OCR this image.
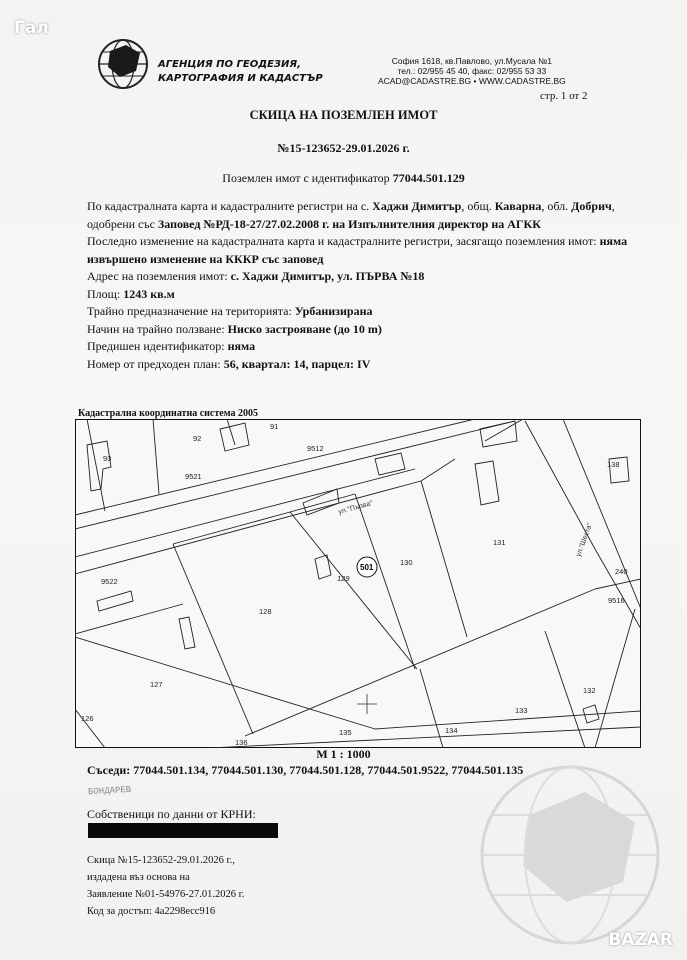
Гал
АГЕНЦИЯ ПО ГЕОДЕЗИЯ,
КАРТОГРАФИЯ И КАДАСТЪР
София 1618, кв.Павлово, ул.Мусала №1
тел.: 02/955 45 40, факс: 02/955 53 33
ACAD@CADASTRE.BG • WWW.CADASTRE.BG
стр. 1 от 2
СКИЦА НА ПОЗЕМЛЕН ИМОТ
№15-123652-29.01.2026 г.
Поземлен имот с идентификатор 77044.501.129

По кадастралната карта и кадастралните регистри на с. Хаджи Димитър, общ. Каварна, обл. Добрич, одобрени със Заповед №РД-18-27/27.02.2008 г. на Изпълнителния директор на АГКК

Последно изменение на кадастралната карта и кадастралните регистри, засягащо поземления имот: няма извършено изменение на КККР със заповед

Адрес на поземления имот: с. Хаджи Димитър, ул. ПЪРВА №18

Площ: 1243 кв.м

Трайно предназначение на територията: Урбанизирана

Начин на трайно ползване: Ниско застрояване (до 10 m)

Предишен идентификатор: няма

Номер от предходен план: 56, квартал: 14, парцел: IV

Кадастрална координатна система 2005
ул."Първа"
ул."Шеста"
501
93
92
91
9521
9512
9522
128
127
129
130
131
138
240
9516
132
133
134
135
136
126
М 1 : 1000
Съседи: 77044.501.134, 77044.501.130, 77044.501.128, 77044.501.9522, 77044.501.135
БОНДАРЕВ
Собственици по данни от КРНИ:

Скица №15-123652-29.01.2026 г.,

издадена въз основа на

Заявление №01-54976-27.01.2026 г.

Код за достъп: 4a2298ecc916

BAZAR
